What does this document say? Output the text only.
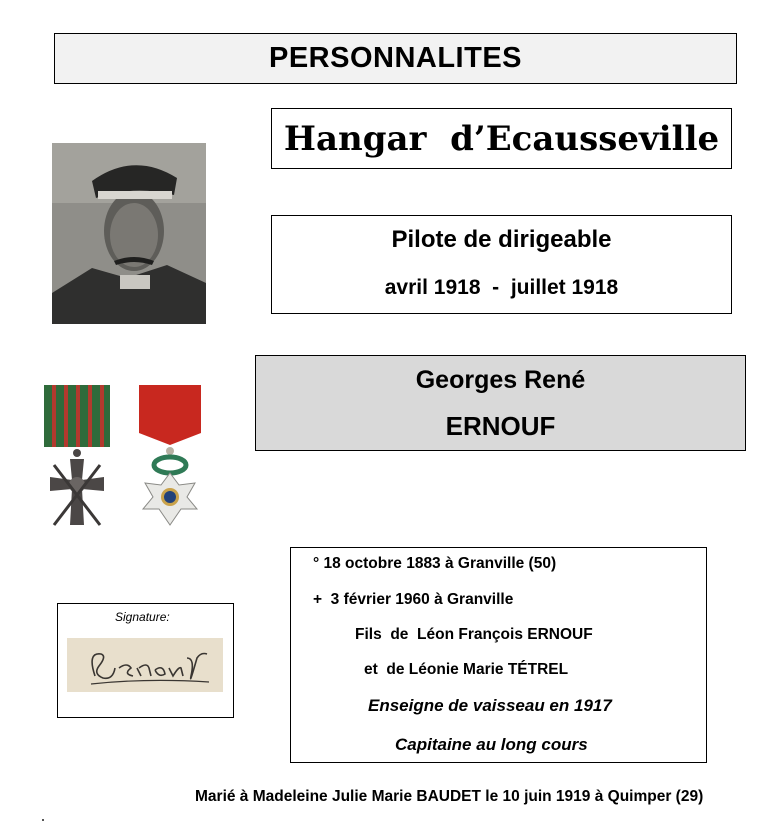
PERSONNALITES
Hangar  d’Ecausseville
Pilote de dirigeable
avril 1918  -  juillet 1918
Georges René
ERNOUF
° 18 octobre 1883 à Granville (50)
+  3 février 1960 à Granville
Fils  de  Léon François ERNOUF
et  de Léonie Marie TÉTREL
Enseigne de vaisseau en 1917
Capitaine au long cours
Signature:
Marié à Madeleine Julie Marie BAUDET le 10 juin 1919 à Quimper (29)
